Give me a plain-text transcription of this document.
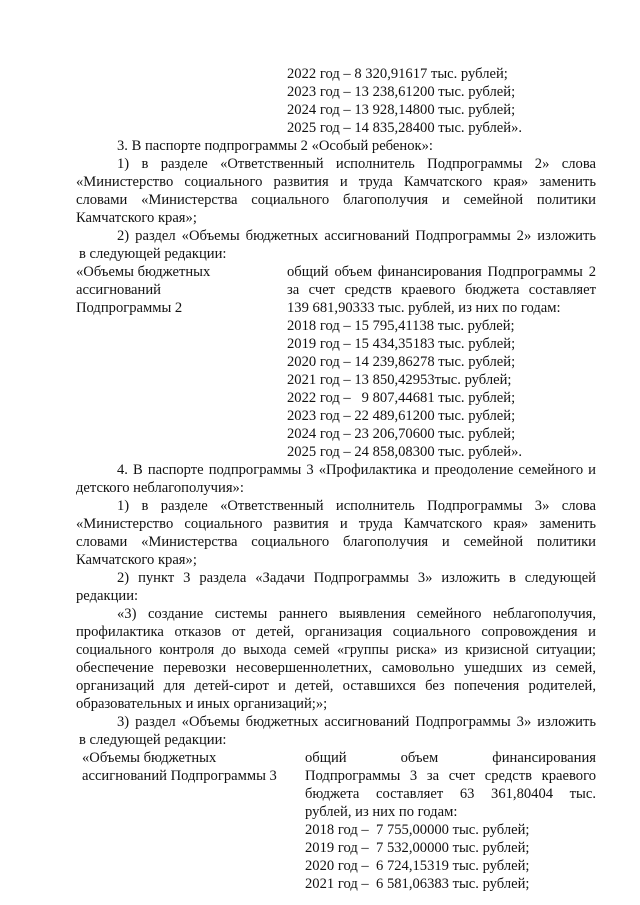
2022 год – 8 320,91617 тыс. рублей;
2023 год – 13 238,61200 тыс. рублей;
2024 год – 13 928,14800 тыс. рублей;
2025 год – 14 835,28400 тыс. рублей».
3. В паспорте подпрограммы 2 «Особый ребенок»:
1) в разделе «Ответственный исполнитель Подпрограммы 2» слова
«Министерство социального развития и труда Камчатского края» заменить
словами «Министерства социального благополучия и семейной политики
Камчатского края»;
2) раздел «Объемы бюджетных ассигнований Подпрограммы 2» изложить
в следующей редакции:
«Объемы бюджетных
ассигнований
Подпрограммы 2
общий объем финансирования Подпрограммы 2
за счет средств краевого бюджета составляет
139 681,90333 тыс. рублей, из них по годам:
2018 год – 15 795,41138 тыс. рублей;
2019 год – 15 434,35183 тыс. рублей;
2020 год – 14 239,86278 тыс. рублей;
2021 год – 13 850,42953тыс. рублей;
2022 год –   9 807,44681 тыс. рублей;
2023 год – 22 489,61200 тыс. рублей;
2024 год – 23 206,70600 тыс. рублей;
2025 год – 24 858,08300 тыс. рублей».
4. В паспорте подпрограммы 3 «Профилактика и преодоление семейного и
детского неблагополучия»:
1) в разделе «Ответственный исполнитель Подпрограммы 3» слова
«Министерство социального развития и труда Камчатского края» заменить
словами «Министерства социального благополучия и семейной политики
Камчатского края»;
2) пункт 3 раздела «Задачи Подпрограммы 3» изложить в следующей
редакции:
«3) создание системы раннего выявления семейного неблагополучия,
профилактика отказов от детей, организация социального сопровождения и
социального контроля до выхода семей «группы риска» из кризисной ситуации;
обеспечение перевозки несовершеннолетних, самовольно ушедших из семей,
организаций для детей-сирот и детей, оставшихся без попечения родителей,
образовательных и иных организаций;»;
3) раздел «Объемы бюджетных ассигнований Подпрограммы 3» изложить
в следующей редакции:
«Объемы бюджетных
ассигнований Подпрограммы 3
общий объем финансирования
Подпрограммы 3 за счет средств краевого
бюджета составляет 63 361,80404 тыс.
рублей, из них по годам:
2018 год –  7 755,00000 тыс. рублей;
2019 год –  7 532,00000 тыс. рублей;
2020 год –  6 724,15319 тыс. рублей;
2021 год –  6 581,06383 тыс. рублей;
